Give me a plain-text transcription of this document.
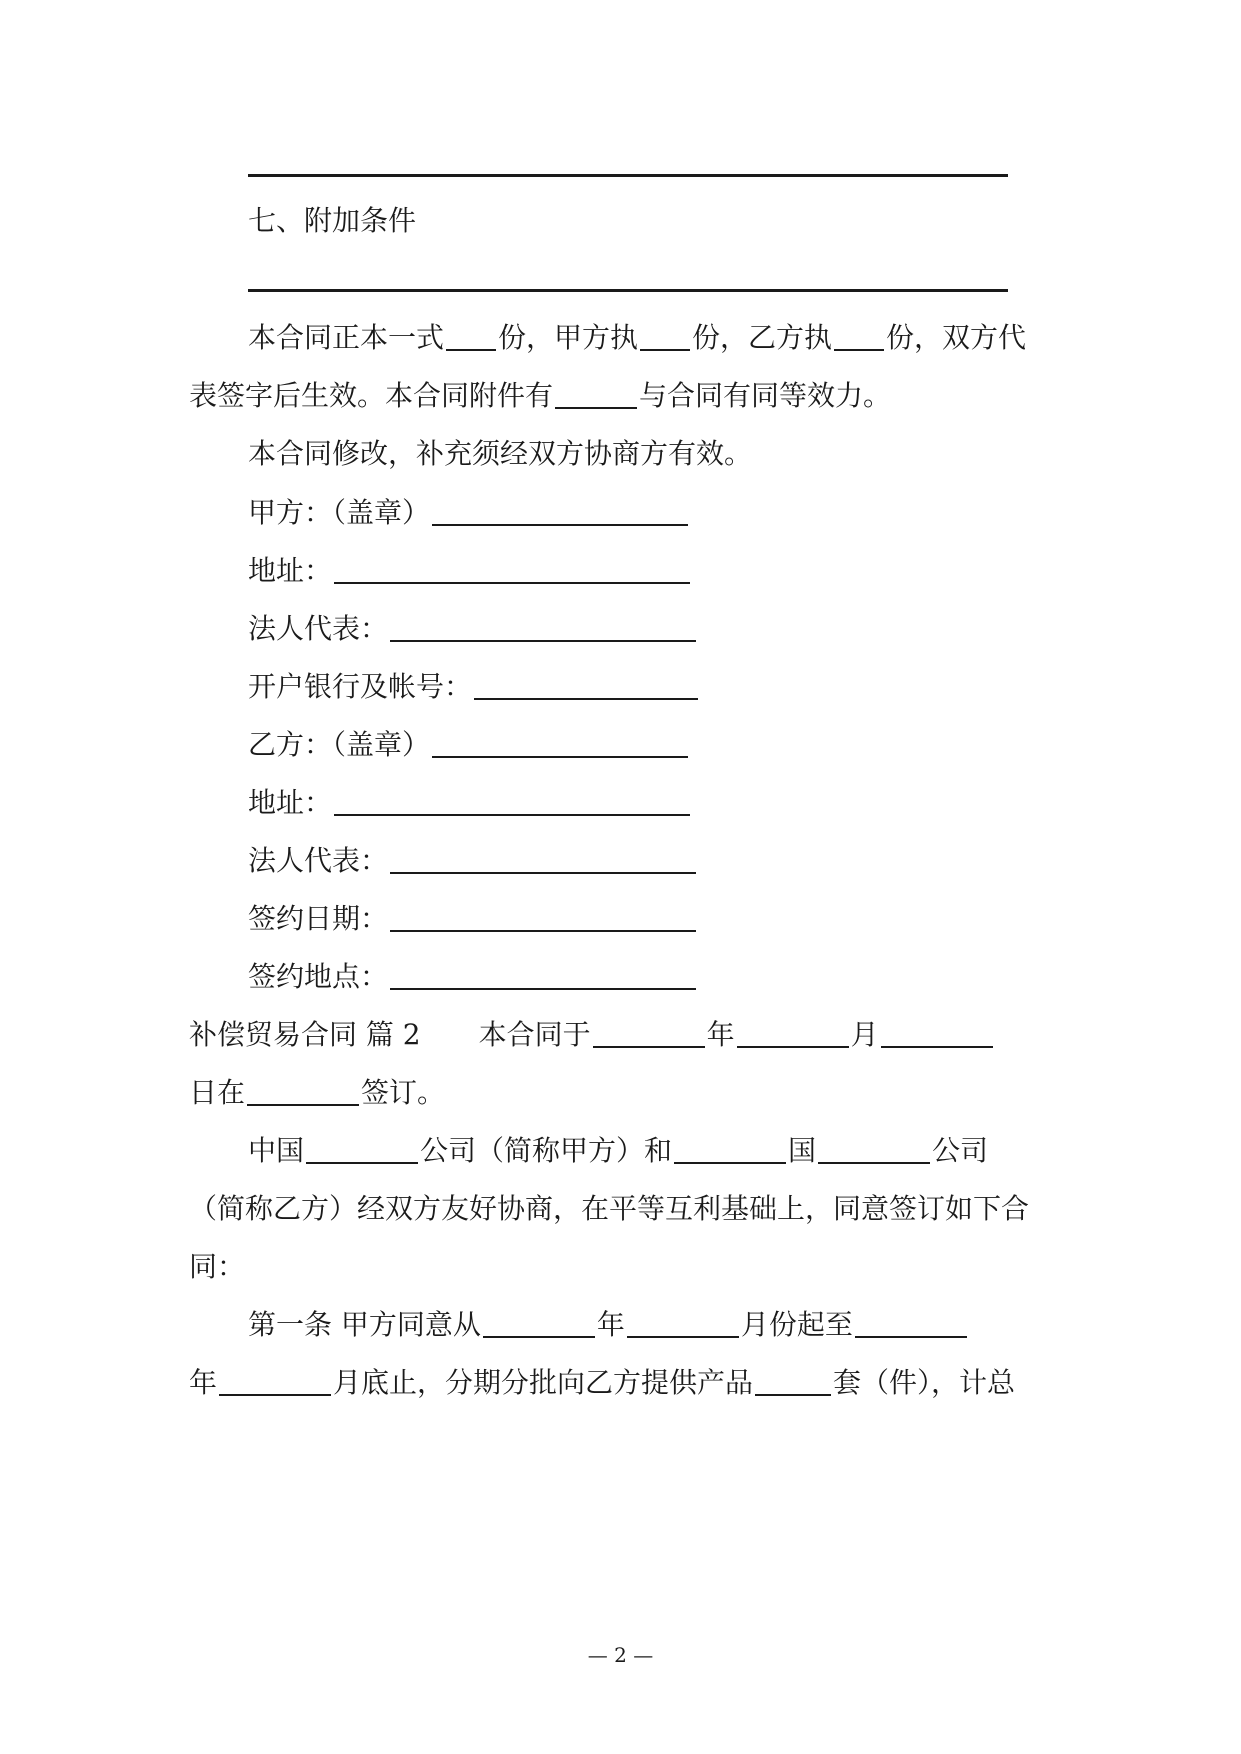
七、附加条件
本合同正本一式 份，甲方执 份，乙方执 份，双方代
表签字后生效。本合同附件有	与合同有同等效力。
本合同修改，补充须经双方协商方有效。
甲方：（盖章）
地址：
法人代表：
开户银行及帐号：
乙方：（盖章）
地址：
法人代表：
签约日期：
签约地点：
补偿贸易合同 篇 2 本合同于	年	月
日在	签订。
中国	公司（简称甲方）和	国	公司
（简称乙方）经双方友好协商，在平等互利基础上，同意签订如下合
同：
第一条 甲方同意从	年	月份起至
年	月底止，分期分批向乙方提供产品	套（件），计总
— 2 —
